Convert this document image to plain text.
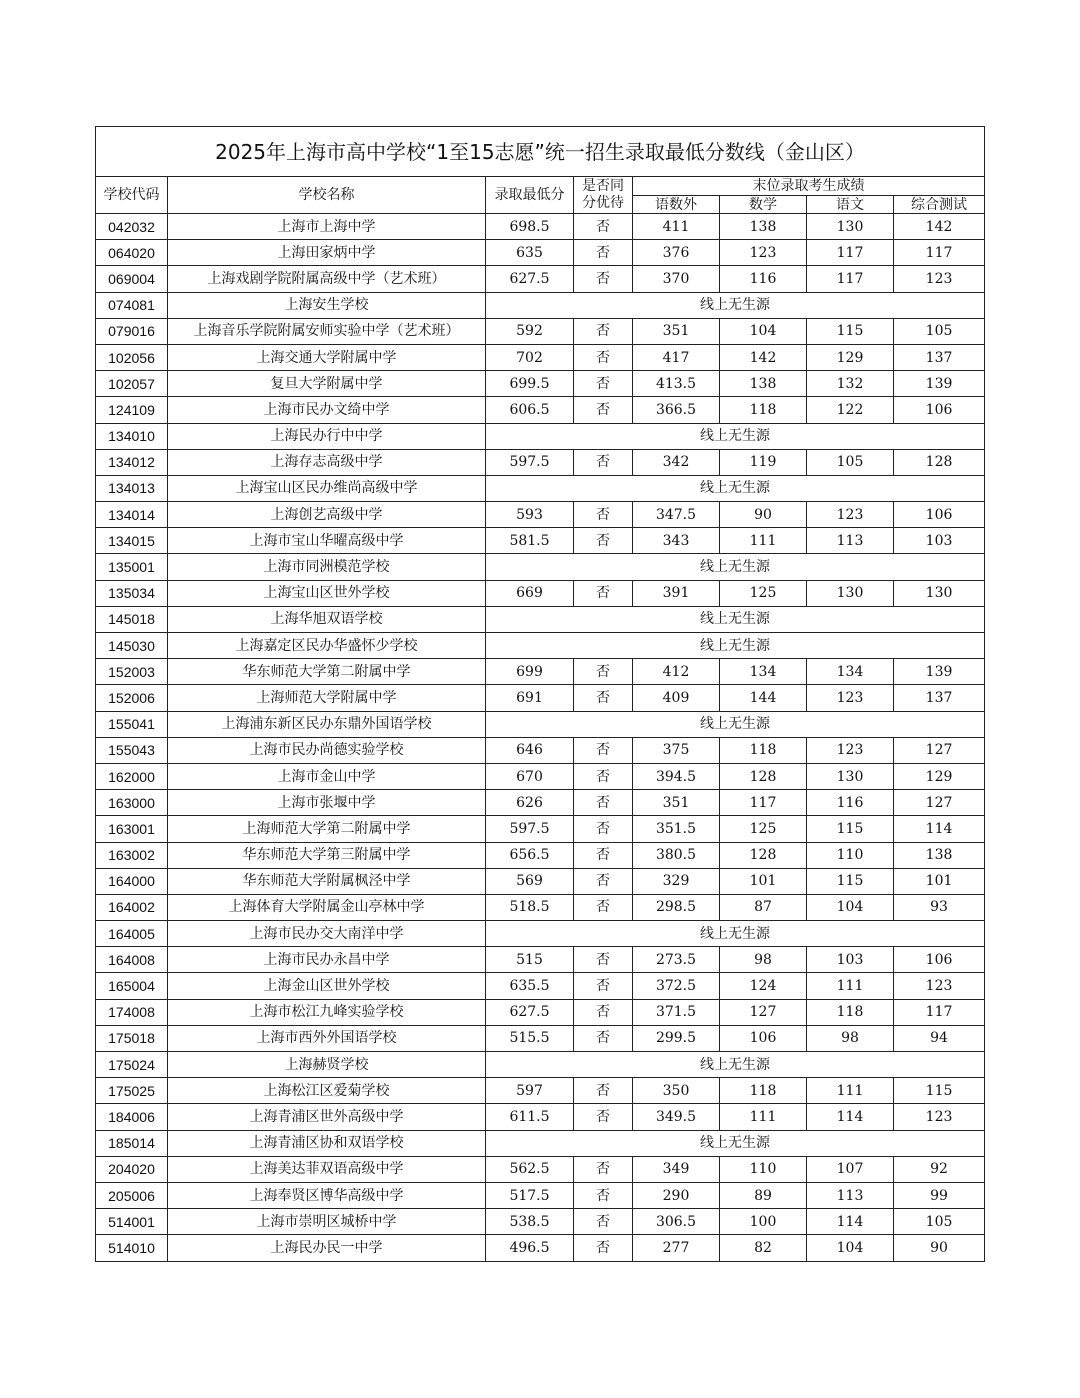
2025年上海市高中学校“1至15志愿”统一招生录取最低分数线（金山区）							
学校代码	学校名称	录取最低分	是否同分优待	末位录取考生成绩			
				语数外	数学	语文	综合测试
042032	上海市上海中学	698.5	否	411	138	130	142
064020	上海田家炳中学	635	否	376	123	117	117
069004	上海戏剧学院附属高级中学（艺术班）	627.5	否	370	116	117	123
074081	上海安生学校	线上无生源					
079016	上海音乐学院附属安师实验中学（艺术班）	592	否	351	104	115	105
102056	上海交通大学附属中学	702	否	417	142	129	137
102057	复旦大学附属中学	699.5	否	413.5	138	132	139
124109	上海市民办文绮中学	606.5	否	366.5	118	122	106
134010	上海民办行中中学	线上无生源					
134012	上海存志高级中学	597.5	否	342	119	105	128
134013	上海宝山区民办维尚高级中学	线上无生源					
134014	上海创艺高级中学	593	否	347.5	90	123	106
134015	上海市宝山华曜高级中学	581.5	否	343	111	113	103
135001	上海市同洲模范学校	线上无生源					
135034	上海宝山区世外学校	669	否	391	125	130	130
145018	上海华旭双语学校	线上无生源					
145030	上海嘉定区民办华盛怀少学校	线上无生源					
152003	华东师范大学第二附属中学	699	否	412	134	134	139
152006	上海师范大学附属中学	691	否	409	144	123	137
155041	上海浦东新区民办东鼎外国语学校	线上无生源					
155043	上海市民办尚德实验学校	646	否	375	118	123	127
162000	上海市金山中学	670	否	394.5	128	130	129
163000	上海市张堰中学	626	否	351	117	116	127
163001	上海师范大学第二附属中学	597.5	否	351.5	125	115	114
163002	华东师范大学第三附属中学	656.5	否	380.5	128	110	138
164000	华东师范大学附属枫泾中学	569	否	329	101	115	101
164002	上海体育大学附属金山亭林中学	518.5	否	298.5	87	104	93
164005	上海市民办交大南洋中学	线上无生源					
164008	上海市民办永昌中学	515	否	273.5	98	103	106
165004	上海金山区世外学校	635.5	否	372.5	124	111	123
174008	上海市松江九峰实验学校	627.5	否	371.5	127	118	117
175018	上海市西外外国语学校	515.5	否	299.5	106	98	94
175024	上海赫贤学校	线上无生源					
175025	上海松江区爱菊学校	597	否	350	118	111	115
184006	上海青浦区世外高级中学	611.5	否	349.5	111	114	123
185014	上海青浦区协和双语学校	线上无生源					
204020	上海美达菲双语高级中学	562.5	否	349	110	107	92
205006	上海奉贤区博华高级中学	517.5	否	290	89	113	99
514001	上海市崇明区城桥中学	538.5	否	306.5	100	114	105
514010	上海民办民一中学	496.5	否	277	82	104	90
